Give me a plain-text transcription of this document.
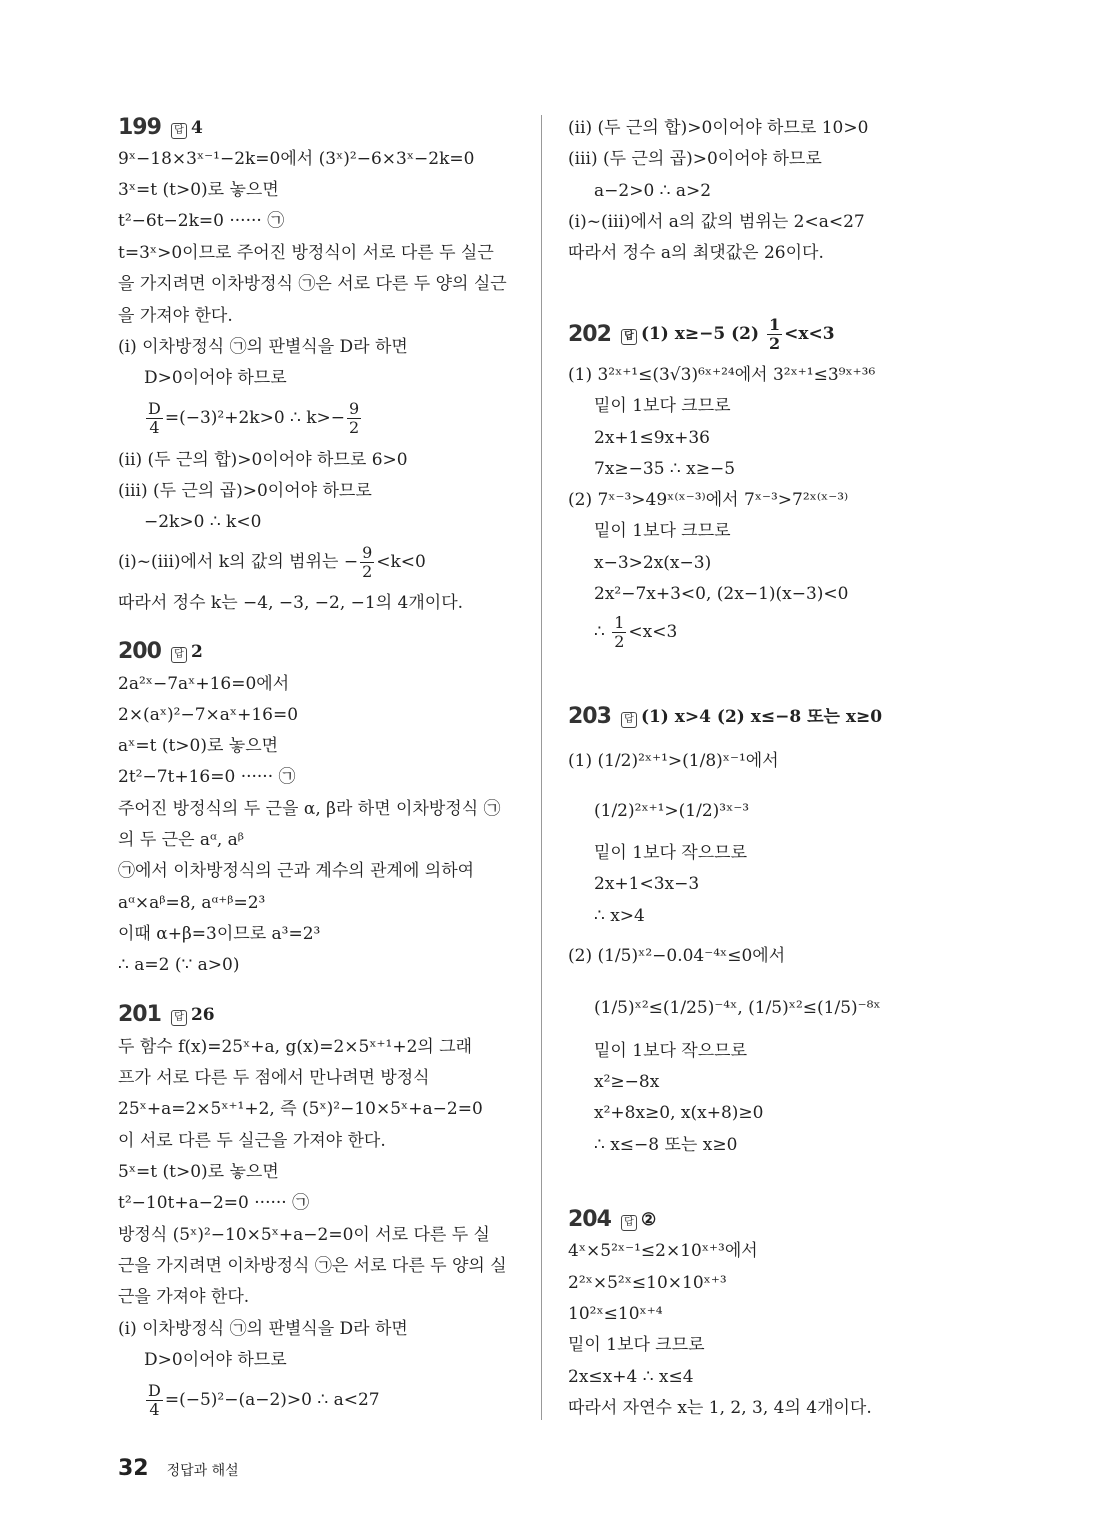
199	답 4
9ˣ−18×3ˣ⁻¹−2k=0에서 (3ˣ)²−6×3ˣ−2k=0
3ˣ=t (t>0)로 놓으면
t²−6t−2k=0 ······ ㉠
t=3ˣ>0이므로 주어진 방정식이 서로 다른 두 실근
을 가지려면 이차방정식 ㉠은 서로 다른 두 양의 실근
을 가져야 한다.
(ⅰ) 이차방정식 ㉠의 판별식을 D라 하면
D>0이어야 하므로
$\frac{D}{4} =(-3)^2+2k>0$ ∴ $k>- \frac{9}{2}$
(ⅱ) (두 근의 합)>0이어야 하므로 6>0
(ⅲ) (두 근의 곱)>0이어야 하므로
−2k>0 ∴ k<0
(ⅰ)~(ⅲ)에서 k의 값의 범위는 − $\frac{9}{2} <k<0$
따라서 정수 k는 −4, −3, −2, −1의 4개이다.
200	답 2
2a²ˣ−7aˣ+16=0에서
2×(aˣ)²−7×aˣ+16=0
aˣ=t (t>0)로 놓으면
2t²−7t+16=0 ······ ㉠
주어진 방정식의 두 근을 α, β라 하면 이차방정식 ㉠
의 두 근은 aᵅ, aᵝ
㉠에서 이차방정식의 근과 계수의 관계에 의하여
aᵅ×aᵝ=8, aᵅ⁺ᵝ=2³
이때 α+β=3이므로 a³=2³
∴ a=2 (∵ a>0)
201	답 26
두 함수 f(x)=25ˣ+a, g(x)=2×5ˣ⁺¹+2의 그래
프가 서로 다른 두 점에서 만나려면 방정식
25ˣ+a=2×5ˣ⁺¹+2, 즉 (5ˣ)²−10×5ˣ+a−2=0
이 서로 다른 두 실근을 가져야 한다.
5ˣ=t (t>0)로 놓으면
t²−10t+a−2=0 ······ ㉠
방정식 (5ˣ)²−10×5ˣ+a−2=0이 서로 다른 두 실
근을 가지려면 이차방정식 ㉠은 서로 다른 두 양의 실
근을 가져야 한다.
(ⅰ) 이차방정식 ㉠의 판별식을 D라 하면
D>0이어야 하므로
$\frac{D}{4} =(-5)^2-(a-2)>0$ ∴ a<27
(ⅱ) (두 근의 합)>0이어야 하므로 10>0
(ⅲ) (두 근의 곱)>0이어야 하므로
a−2>0 ∴ a>2
(ⅰ)~(ⅲ)에서 a의 값의 범위는 2<a<27
따라서 정수 a의 최댓값은 26이다.
202	답 (1) x≥−5 $(2) \frac{1}{2} <x<3$
(1) 3²ˣ⁺¹≤(3√3)⁶ˣ⁺²⁴에서 3²ˣ⁺¹≤3⁹ˣ⁺³⁶
밑이 1보다 크므로
2x+1≤9x+36
7x≥−35 ∴ x≥−5
(2) 7ˣ⁻³>49ˣ⁽ˣ⁻³⁾에서 7ˣ⁻³>7²ˣ⁽ˣ⁻³⁾
밑이 1보다 크므로
x−3>2x(x−3)
2x²−7x+3<0, (2x−1)(x−3)<0
∴ $\frac{1}{2} <x<3$
203	답 (1) x>4 (2) x≤−8 또는 x≥0
(1) (1/2)²ˣ⁺¹>(1/8)ˣ⁻¹에서
(1/2)²ˣ⁺¹>(1/2)³ˣ⁻³
밑이 1보다 작으므로
2x+1<3x−3
∴ x>4
(2) (1/5)ˣ²−0.04⁻⁴ˣ≤0에서
(1/5)ˣ²≤(1/25)⁻⁴ˣ, (1/5)ˣ²≤(1/5)⁻⁸ˣ
밑이 1보다 작으므로
x²≥−8x
x²+8x≥0, x(x+8)≥0
∴ x≤−8 또는 x≥0
204	답 ②
4ˣ×5²ˣ⁻¹≤2×10ˣ⁺³에서
2²ˣ×5²ˣ≤10×10ˣ⁺³
10²ˣ≤10ˣ⁺⁴
밑이 1보다 크므로
2x≤x+4 ∴ x≤4
따라서 자연수 x는 1, 2, 3, 4의 4개이다.
32 정답과 해설
